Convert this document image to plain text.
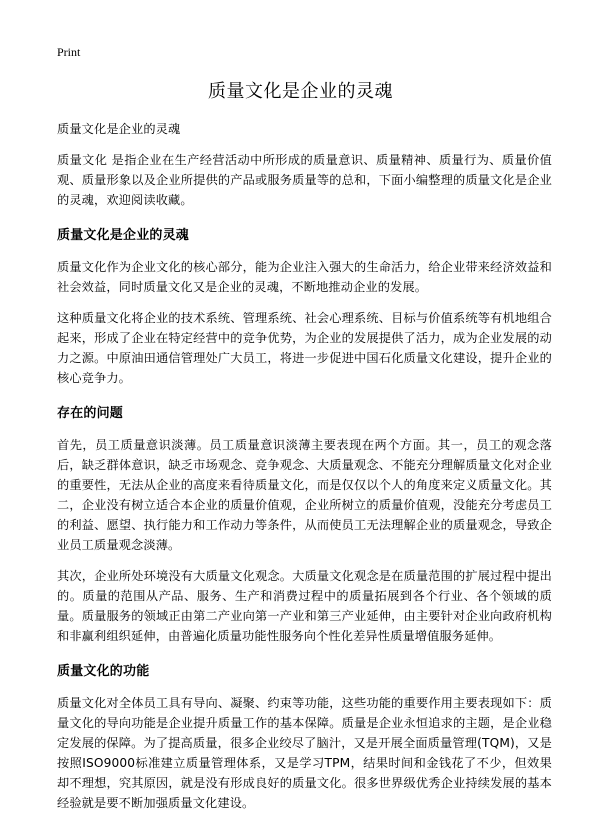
Print
质量文化是企业的灵魂

质量文化是企业的灵魂

质量文化 是指企业在生产经营活动中所形成的质量意识、质量精神、质量行为、质量价值观、质量形象以及企业所提供的产品或服务质量等的总和，下面小编整理的质量文化是企业的灵魂，欢迎阅读收藏。

质量文化是企业的灵魂

质量文化作为企业文化的核心部分，能为企业注入强大的生命活力，给企业带来经济效益和社会效益，同时质量文化又是企业的灵魂，不断地推动企业的发展。

这种质量文化将企业的技术系统、管理系统、社会心理系统、目标与价值系统等有机地组合起来，形成了企业在特定经营中的竞争优势，为企业的发展提供了活力，成为企业发展的动力之源。中原油田通信管理处广大员工，将进一步促进中国石化质量文化建设，提升企业的核心竞争力。

存在的问题

首先，员工质量意识淡薄。员工质量意识淡薄主要表现在两个方面。其一，员工的观念落后，缺乏群体意识，缺乏市场观念、竞争观念、大质量观念、不能充分理解质量文化对企业的重要性，无法从企业的高度来看待质量文化，而是仅仅以个人的角度来定义质量文化。其二，企业没有树立适合本企业的质量价值观，企业所树立的质量价值观，没能充分考虑员工的利益、愿望、执行能力和工作动力等条件，从而使员工无法理解企业的质量观念，导致企业员工质量观念淡薄。

其次，企业所处环境没有大质量文化观念。大质量文化观念是在质量范围的扩展过程中提出的。质量的范围从产品、服务、生产和消费过程中的质量拓展到各个行业、各个领域的质量。质量服务的领域正由第二产业向第一产业和第三产业延伸，由主要针对企业向政府机构和非赢利组织延伸，由普遍化质量功能性服务向个性化差异性质量增值服务延伸。

质量文化的功能

质量文化对全体员工具有导向、凝聚、约束等功能，这些功能的重要作用主要表现如下：质量文化的导向功能是企业提升质量工作的基本保障。质量是企业永恒追求的主题，是企业稳定发展的保障。为了提高质量，很多企业绞尽了脑汁，又是开展全面质量管理(TQM)，又是按照ISO9000标准建立质量管理体系，又是学习TPM，结果时间和金钱花了不少，但效果却不理想，究其原因，就是没有形成良好的质量文化。很多世界级优秀企业持续发展的基本经验就是要不断加强质量文化建设。
